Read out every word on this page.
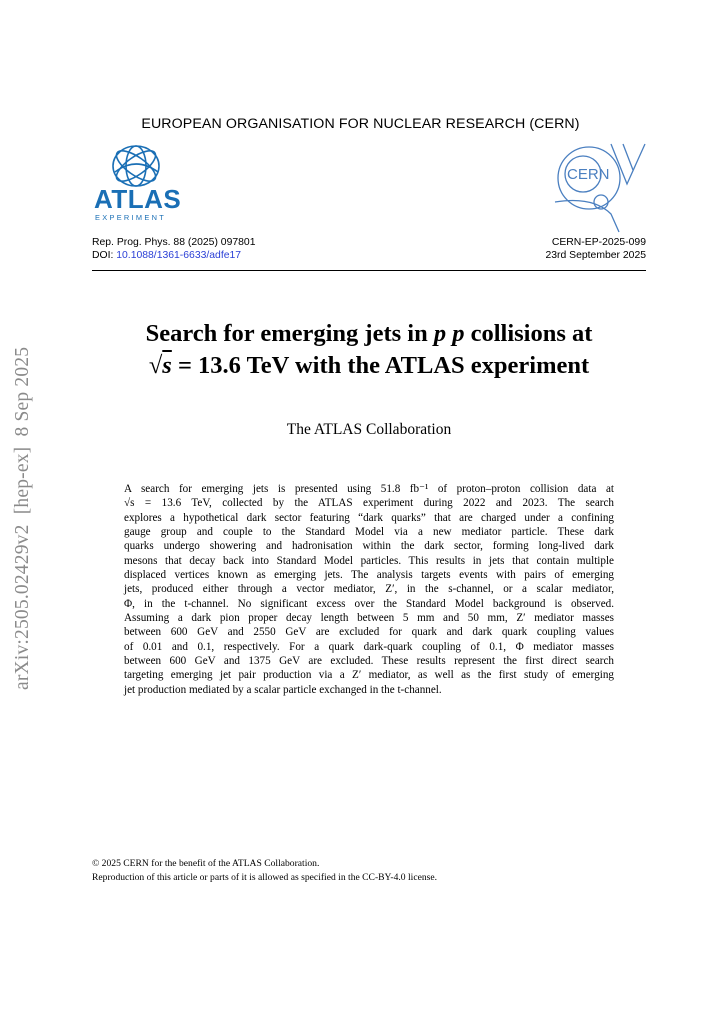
EUROPEAN ORGANISATION FOR NUCLEAR RESEARCH (CERN)
ATLAS
EXPERIMENT
CERN
Rep. Prog. Phys. 88 (2025) 097801
DOI: 10.1088/1361-6633/adfe17
CERN-EP-2025-099
23rd September 2025
arXiv:2505.02429v2  [hep-ex]  8 Sep 2025
Search for emerging jets in p p collisions at
√s = 13.6 TeV with the ATLAS experiment
The ATLAS Collaboration
A search for emerging jets is presented using 51.8 fb⁻¹ of proton–proton collision data at
√s = 13.6 TeV, collected by the ATLAS experiment during 2022 and 2023. The search
explores a hypothetical dark sector featuring “dark quarks” that are charged under a confining
gauge group and couple to the Standard Model via a new mediator particle. These dark
quarks undergo showering and hadronisation within the dark sector, forming long-lived dark
mesons that decay back into Standard Model particles. This results in jets that contain multiple
displaced vertices known as emerging jets. The analysis targets events with pairs of emerging
jets, produced either through a vector mediator, Z′, in the s-channel, or a scalar mediator,
Φ, in the t-channel. No significant excess over the Standard Model background is observed.
Assuming a dark pion proper decay length between 5 mm and 50 mm, Z′ mediator masses
between 600 GeV and 2550 GeV are excluded for quark and dark quark coupling values
of 0.01 and 0.1, respectively. For a quark dark-quark coupling of 0.1, Φ mediator masses
between 600 GeV and 1375 GeV are excluded. These results represent the first direct search
targeting emerging jet pair production via a Z′ mediator, as well as the first study of emerging
jet production mediated by a scalar particle exchanged in the t-channel.
© 2025 CERN for the benefit of the ATLAS Collaboration.
Reproduction of this article or parts of it is allowed as specified in the CC-BY-4.0 license.
